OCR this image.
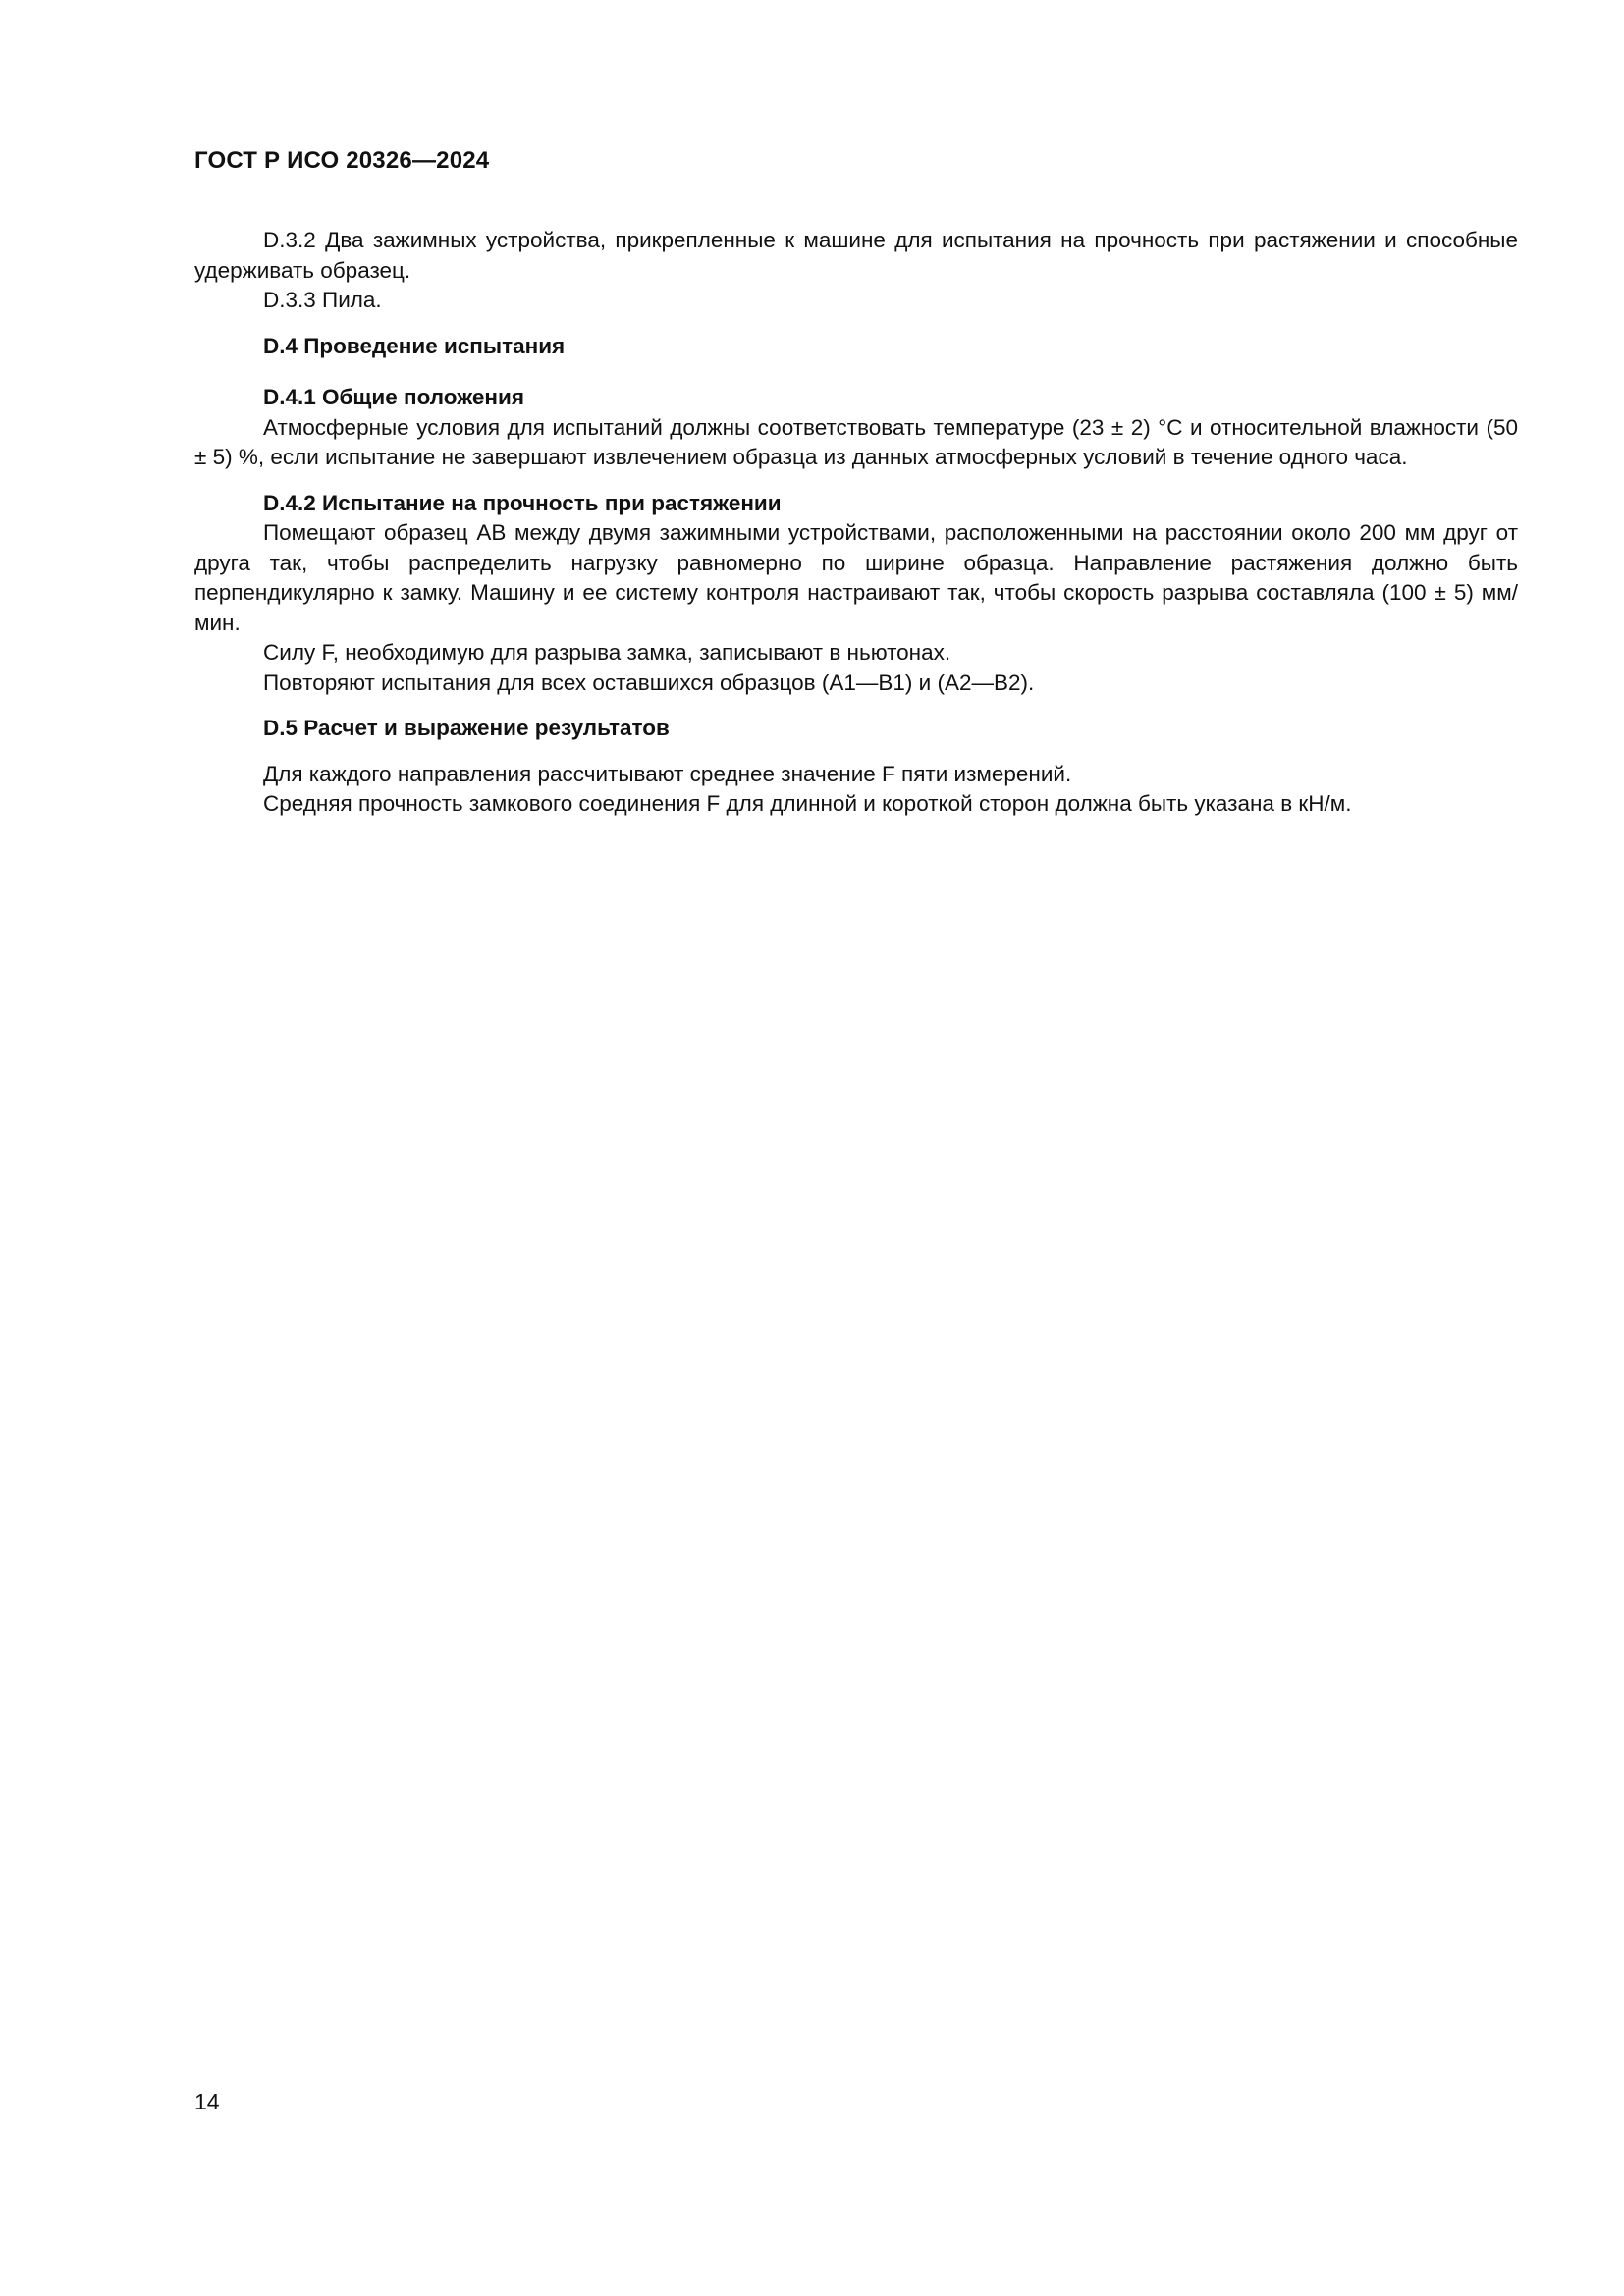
ГОСТ Р ИСО 20326—2024

D.3.2 Два зажимных устройства, прикрепленные к машине для испытания на прочность при растяжении и способные удерживать образец.

D.3.3 Пила.

D.4 Проведение испытания

D.4.1 Общие положения

Атмосферные условия для испытаний должны соответствовать температуре (23 ± 2) °С и относительной влажности (50 ± 5) %, если испытание не завершают извлечением образца из данных атмосферных условий в течение одного часа.

D.4.2 Испытание на прочность при растяжении

Помещают образец АВ между двумя зажимными устройствами, расположенными на расстоянии около 200 мм друг от друга так, чтобы распределить нагрузку равномерно по ширине образца. Направление растяжения должно быть перпендикулярно к замку. Машину и ее систему контроля настраивают так, чтобы скорость разрыва составляла (100 ± 5) мм/мин.

Силу F, необходимую для разрыва замка, записывают в ньютонах.

Повторяют испытания для всех оставшихся образцов (А1—В1) и (А2—В2).

D.5 Расчет и выражение результатов

Для каждого направления рассчитывают среднее значение F пяти измерений.

Средняя прочность замкового соединения F для длинной и короткой сторон должна быть указана в кН/м.

14
